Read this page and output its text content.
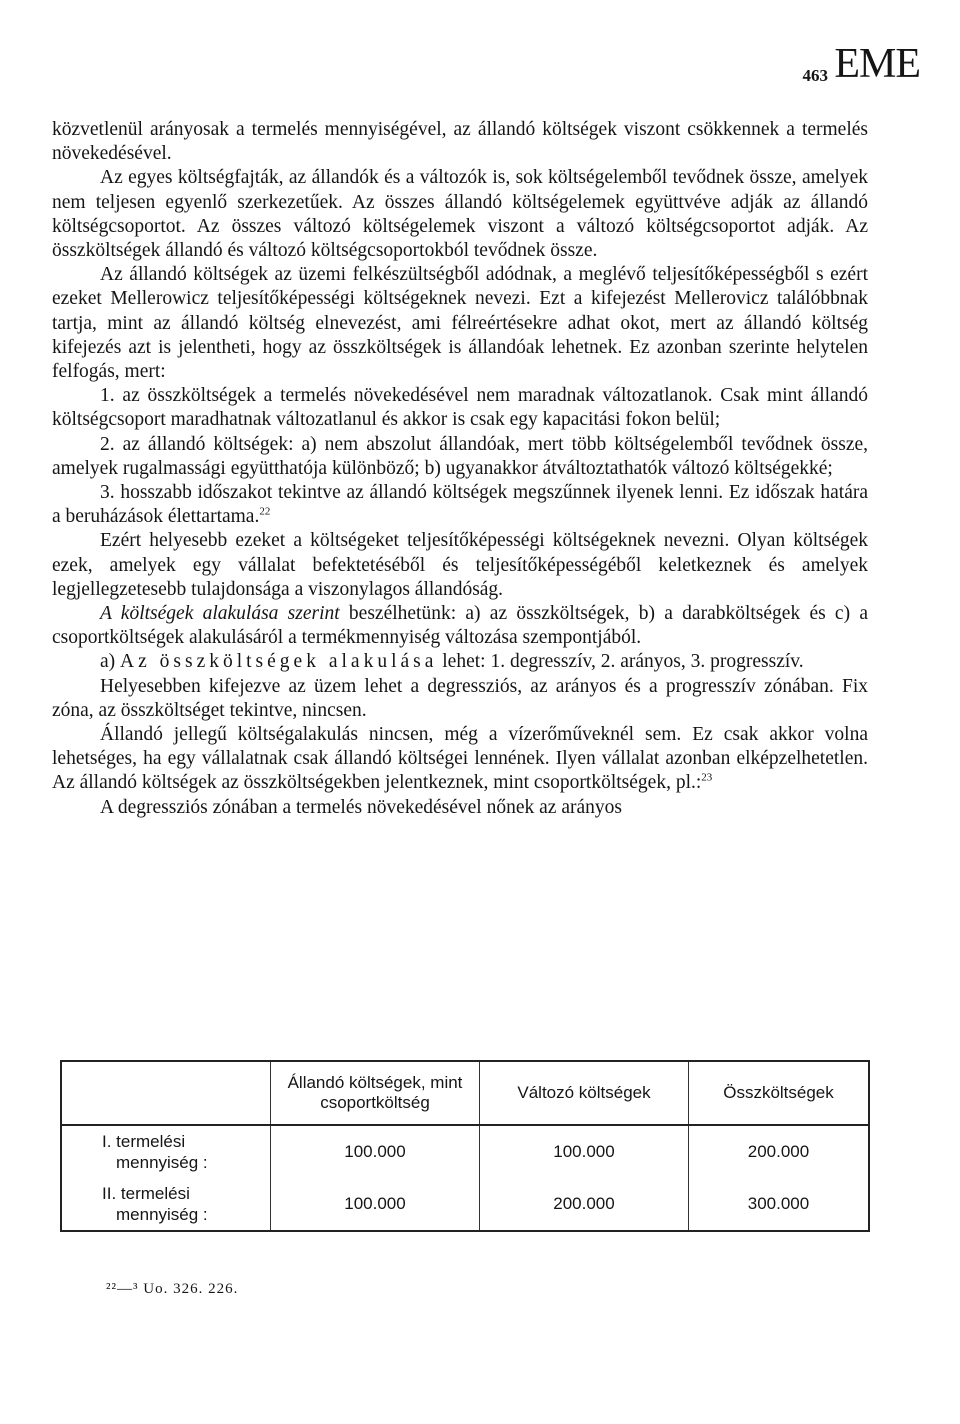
463 EME

közvetlenül arányosak a termelés mennyiségével, az állandó költségek viszont csökkennek a termelés növekedésével.

Az egyes költségfajták, az állandók és a változók is, sok költségelemből tevődnek össze, amelyek nem teljesen egyenlő szerkezetűek. Az összes állandó költségelemek együttvéve adják az állandó költségcsoportot. Az összes változó költségelemek viszont a változó költségcsoportot adják. Az összköltségek állandó és változó költségcsoportokból tevődnek össze.

Az állandó költségek az üzemi felkészültségből adódnak, a meglévő teljesítőképességből s ezért ezeket Mellerowicz teljesítőképességi költségeknek nevezi. Ezt a kifejezést Mellerovicz találóbbnak tartja, mint az állandó költség elnevezést, ami félreértésekre adhat okot, mert az állandó költség kifejezés azt is jelentheti, hogy az összköltségek is állandóak lehetnek. Ez azonban szerinte helytelen felfogás, mert:

1. az összköltségek a termelés növekedésével nem maradnak változatlanok. Csak mint állandó költségcsoport maradhatnak változatlanul és akkor is csak egy kapacitási fokon belül;

2. az állandó költségek: a) nem abszolut állandóak, mert több költségelemből tevődnek össze, amelyek rugalmassági együtthatója különböző; b) ugyanakkor átváltoztathatók változó költségekké;

3. hosszabb időszakot tekintve az állandó költségek megszűnnek ilyenek lenni. Ez időszak határa a beruházások élettartama.$^{22}$

Ezért helyesebb ezeket a költségeket teljesítőképességi költségeknek nevezni. Olyan költségek ezek, amelyek egy vállalat befektetéséből és teljesítőképességéből keletkeznek és amelyek legjellegzetesebb tulajdonsága a viszonylagos állandóság.

A költségek alakulása szerint beszélhetünk: a) az összköltségek, b) a darabköltségek és c) a csoportköltségek alakulásáról a termékmennyiség változása szempontjából.

a) Az összköltségek alakulása lehet: 1. degresszív, 2. arányos, 3. progresszív.

Helyesebben kifejezve az üzem lehet a degressziós, az arányos és a progresszív zónában. Fix zóna, az összköltséget tekintve, nincsen.

Állandó jellegű költségalakulás nincsen, még a vízerőműveknél sem. Ez csak akkor volna lehetséges, ha egy vállalatnak csak állandó költségei lennének. Ilyen vállalat azonban elképzelhetetlen. Az állandó költségek az összköltségekben jelentkeznek, mint csoportköltségek, pl.:$^{23}$

A degressziós zónában a termelés növekedésével nőnek az arányos

	Állandó költségek, mint csoportköltség	Változó költségek	Összköltségek

I. termelési
mennyiség :	100.000	100.000	200.000

II. termelési
mennyiség :	100.000	200.000	300.000
²²—³ Uo. 326. 226.
